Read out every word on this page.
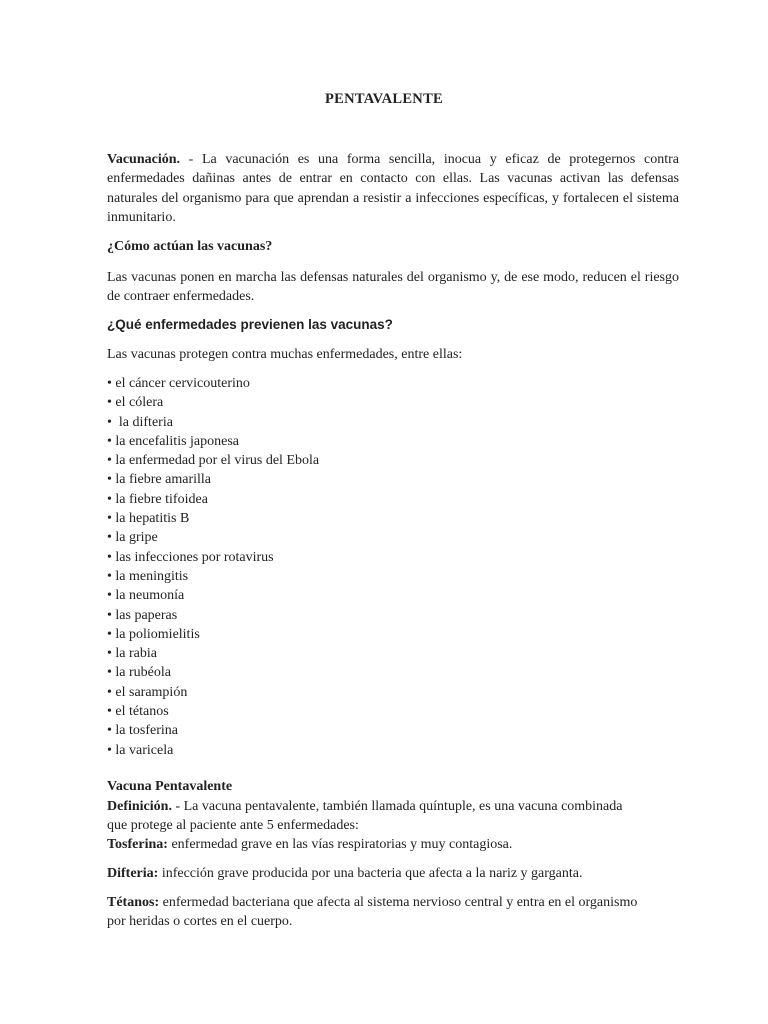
PENTAVALENTE
Vacunación. - La vacunación es una forma sencilla, inocua y eficaz de protegernos contra enfermedades dañinas antes de entrar en contacto con ellas. Las vacunas activan las defensas naturales del organismo para que aprendan a resistir a infecciones específicas, y fortalecen el sistema inmunitario.
¿Cómo actúan las vacunas?
Las vacunas ponen en marcha las defensas naturales del organismo y, de ese modo, reducen el riesgo de contraer enfermedades.
¿Qué enfermedades previenen las vacunas?
Las vacunas protegen contra muchas enfermedades, entre ellas:
• el cáncer cervicouterino
• el cólera
•  la difteria
• la encefalitis japonesa
• la enfermedad por el virus del Ebola
• la fiebre amarilla
• la fiebre tifoidea
• la hepatitis B
• la gripe
• las infecciones por rotavirus
• la meningitis
• la neumonía
• las paperas
• la poliomielitis
• la rabia
• la rubéola
• el sarampión
• el tétanos
• la tosferina
• la varicela
Vacuna Pentavalente
Definición. - La vacuna pentavalente, también llamada quíntuple, es una vacuna combinada
que protege al paciente ante 5 enfermedades:
Tosferina: enfermedad grave en las vías respiratorias y muy contagiosa.
Difteria: infección grave producida por una bacteria que afecta a la nariz y garganta.
Tétanos: enfermedad bacteriana que afecta al sistema nervioso central y entra en el organismo
por heridas o cortes en el cuerpo.
